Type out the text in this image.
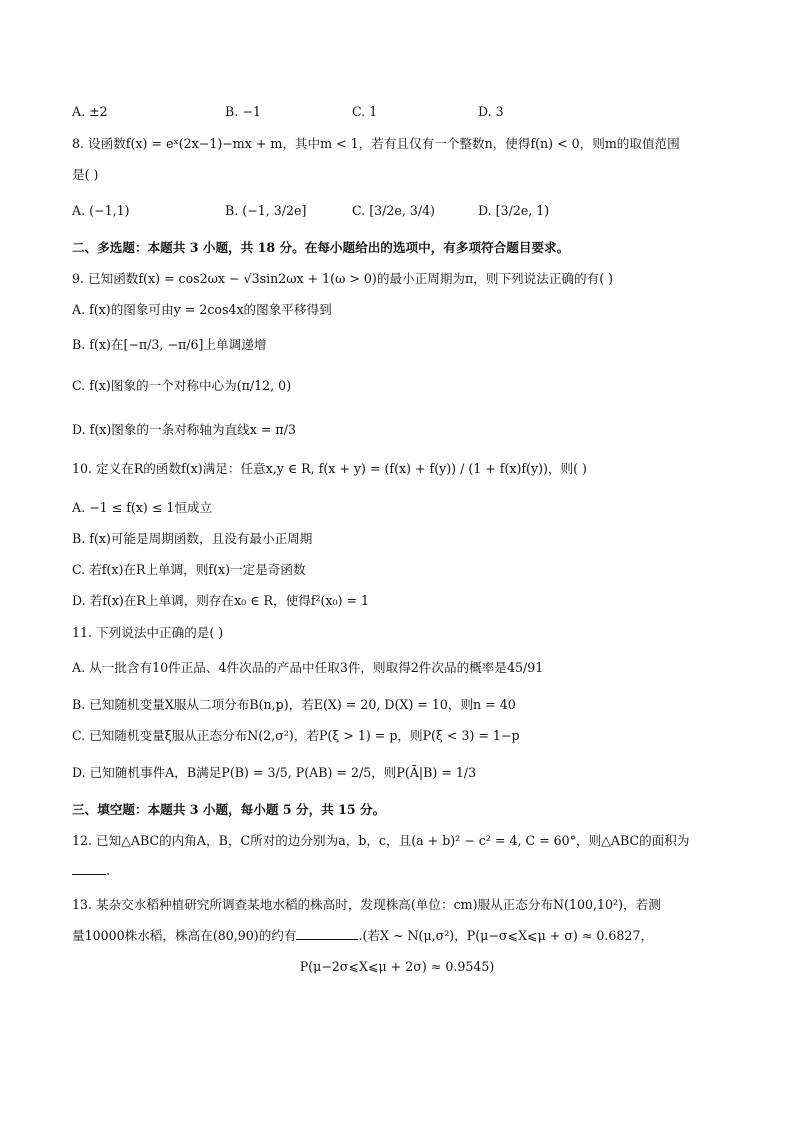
A. ±2	B. −1	C. 1	D. 3
8. 设函数f(x) = eˣ(2x−1)−mx + m，其中m < 1，若有且仅有一个整数n，使得f(n) < 0，则m的取值范围
是( )
A. (−1,1)	B. (−1, 3/2e]	C. [3/2e, 3/4)	D. [3/2e, 1)
二、多选题：本题共 3 小题，共 18 分。在每小题给出的选项中，有多项符合题目要求。
9. 已知函数f(x) = cos2ωx − √3sin2ωx + 1(ω > 0)的最小正周期为π，则下列说法正确的有( )
A. f(x)的图象可由y = 2cos4x的图象平移得到
B. f(x)在[−π/3, −π/6]上单调递增
C. f(x)图象的一个对称中心为(π/12, 0)
D. f(x)图象的一条对称轴为直线x = π/3
10. 定义在R的函数f(x)满足：任意x,y ∈ R, f(x + y) = (f(x) + f(y)) / (1 + f(x)f(y))，则( )
A. −1 ≤ f(x) ≤ 1恒成立
B. f(x)可能是周期函数，且没有最小正周期
C. 若f(x)在R上单调，则f(x)一定是奇函数
D. 若f(x)在R上单调，则存在x₀ ∈ R，使得f²(x₀) = 1
11. 下列说法中正确的是( )
A. 从一批含有10件正品、4件次品的产品中任取3件，则取得2件次品的概率是45/91
B. 已知随机变量X服从二项分布B(n,p)，若E(X) = 20, D(X) = 10，则n = 40
C. 已知随机变量ξ服从正态分布N(2,σ²)，若P(ξ > 1) = p，则P(ξ < 3) = 1−p
D. 已知随机事件A，B满足P(B) = 3/5, P(AB) = 2/5，则P(Ā|B) = 1/3
三、填空题：本题共 3 小题，每小题 5 分，共 15 分。
12. 已知△ABC的内角A，B，C所对的边分别为a，b，c，且(a + b)² − c² = 4, C = 60°，则△ABC的面积为
.
13. 某杂交水稻种植研究所调查某地水稻的株高时，发现株高(单位：cm)服从正态分布N(100,10²)，若测
量10000株水稻，株高在(80,90)的约有	.(若X ~ N(μ,σ²)，P(μ−σ⩽X⩽μ + σ) ≈ 0.6827，
P(μ−2σ⩽X⩽μ + 2σ) ≈ 0.9545)
